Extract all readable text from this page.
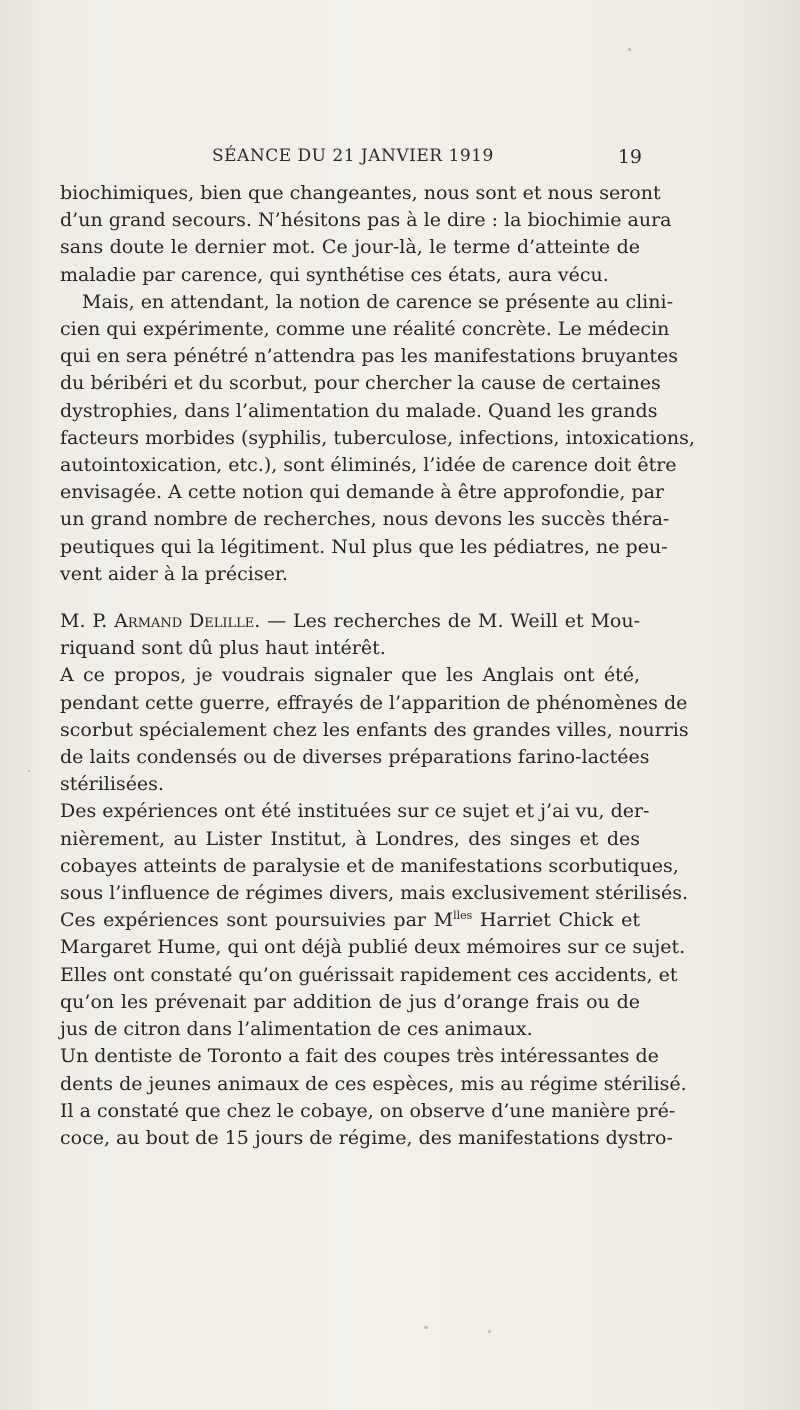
SÉANCE DU 21 JANVIER 1919	19

biochimiques, bien que changeantes, nous sont et nous seront
d’un grand secours. N’hésitons pas à le dire : la biochimie aura
sans doute le dernier mot. Ce jour-là, le terme d’atteinte de
maladie par carence, qui synthétise ces états, aura vécu.

Mais, en attendant, la notion de carence se présente au clini-
cien qui expérimente, comme une réalité concrète. Le médecin
qui en sera pénétré n’attendra pas les manifestations bruyantes
du béribéri et du scorbut, pour chercher la cause de certaines
dystrophies, dans l’alimentation du malade. Quand les grands
facteurs morbides (syphilis, tuberculose, infections, intoxications,
autointoxication, etc.), sont éliminés, l’idée de carence doit être
envisagée. A cette notion qui demande à être approfondie, par
un grand nombre de recherches, nous devons les succès théra-
peutiques qui la légitiment. Nul plus que les pédiatres, ne peu-
vent aider à la préciser.

M. P. Armand Delille. — Les recherches de M. Weill et Mou-
riquand sont dû plus haut intérêt.

A ce propos, je voudrais signaler que les Anglais ont été,
pendant cette guerre, effrayés de l’apparition de phénomènes de
scorbut spécialement chez les enfants des grandes villes, nourris
de laits condensés ou de diverses préparations farino-lactées
stérilisées.

Des expériences ont été instituées sur ce sujet et j’ai vu, der-
nièrement, au Lister Institut, à Londres, des singes et des
cobayes atteints de paralysie et de manifestations scorbutiques,
sous l’influence de régimes divers, mais exclusivement stérilisés.

Ces expériences sont poursuivies par $M^{lles}$ Harriet Chick et
Margaret Hume, qui ont déjà publié deux mémoires sur ce sujet.
Elles ont constaté qu’on guérissait rapidement ces accidents, et
qu’on les prévenait par addition de jus d’orange frais ou de
jus de citron dans l’alimentation de ces animaux.

Un dentiste de Toronto a fait des coupes très intéressantes de
dents de jeunes animaux de ces espèces, mis au régime stérilisé.
Il a constaté que chez le cobaye, on observe d’une manière pré-
coce, au bout de 15 jours de régime, des manifestations dystro-
